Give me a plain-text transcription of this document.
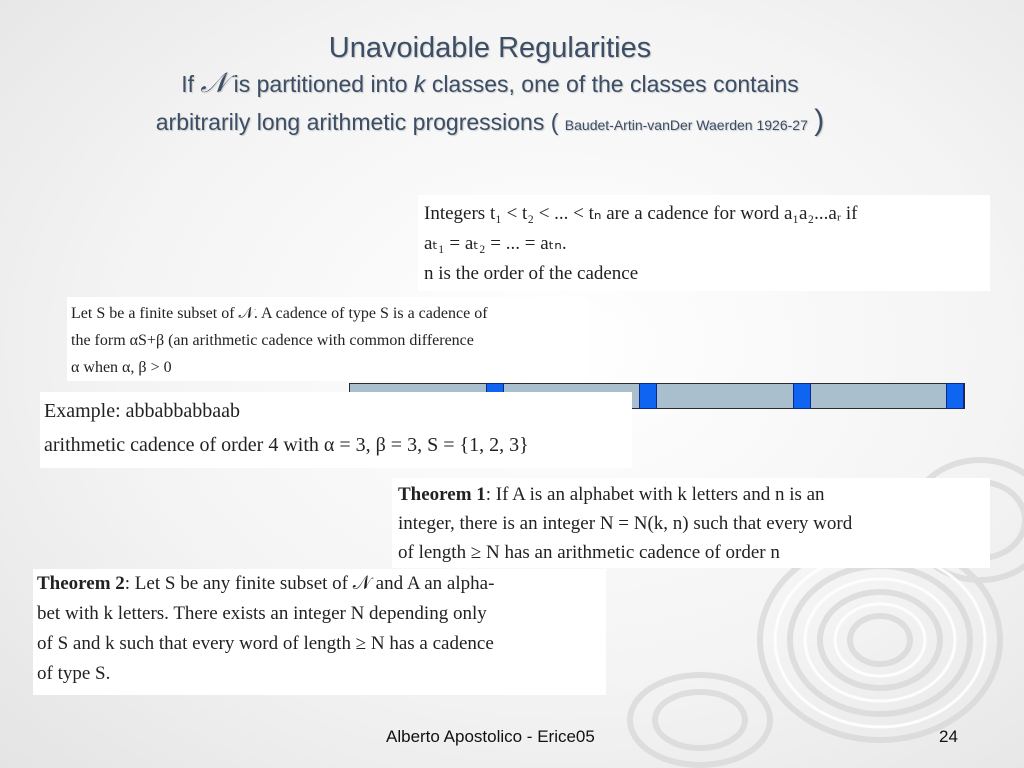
Unavoidable Regularities
If 𝒩 is partitioned into k classes, one of the classes contains
arbitrarily long arithmetic progressions ( Baudet-Artin-vanDer Waerden 1926-27 )

Integers t₁ < t₂ < ... < tₙ are a cadence for word a₁a₂...aᵣ if

aₜ₁ = aₜ₂ = ... = aₜₙ.

n is the order of the cadence

Let S be a finite subset of 𝒩. A cadence of type S is a cadence of

the form αS+β (an arithmetic cadence with common difference

α when α, β > 0

Example: abbabbabbaab

arithmetic cadence of order 4 with α = 3, β = 3, S = {1, 2, 3}

Theorem 1: If A is an alphabet with k letters and n is an

integer, there is an integer N = N(k, n) such that every word

of length ≥ N has an arithmetic cadence of order n

Theorem 2: Let S be any finite subset of 𝒩 and A an alpha-

bet with k letters. There exists an integer N depending only

of S and k such that every word of length ≥ N has a cadence

of type S.

Alberto Apostolico - Erice05	24
